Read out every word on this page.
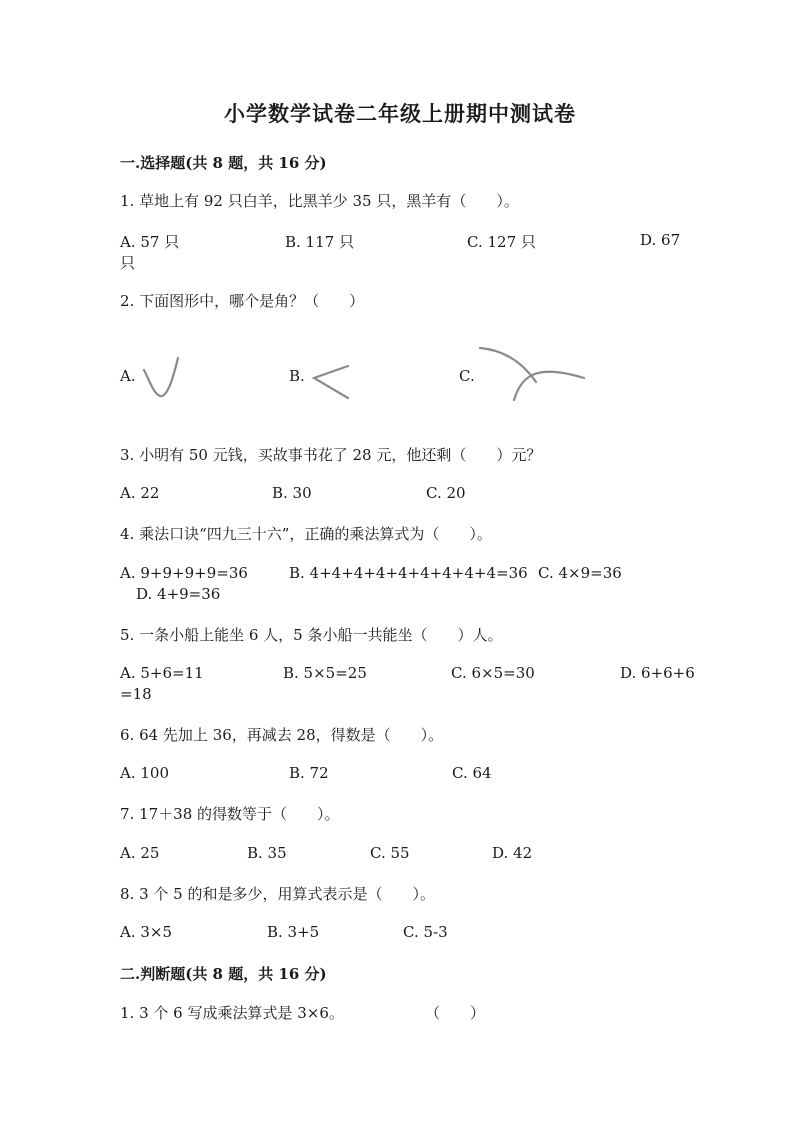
小学数学试卷二年级上册期中测试卷
一.选择题(共 8 题，共 16 分)
1. 草地上有 92 只白羊，比黑羊少 35 只，黑羊有（　　）。
A. 57 只	B. 117 只	C. 127 只	D. 67
只
2. 下面图形中，哪个是角？（　　）
A.	B.	C.
3. 小明有 50 元钱，买故事书花了 28 元，他还剩（　　）元？
A. 22	B. 30	C. 20
4. 乘法口诀“四九三十六”，正确的乘法算式为（　　）。
A. 9+9+9+9=36	B. 4+4+4+4+4+4+4+4+4=36 C. 4×9=36
D. 4+9=36
5. 一条小船上能坐 6 人，5 条小船一共能坐（　　）人。
A. 5+6=11	B. 5×5=25	C. 6×5=30	D. 6+6+6
=18
6. 64 先加上 36，再减去 28，得数是（　　）。
A. 100	B. 72	C. 64
7. 17＋38 的得数等于（　　）。
A. 25	B. 35	C. 55	D. 42
8. 3 个 5 的和是多少，用算式表示是（　　）。
A. 3×5	B. 3+5	C. 5-3
二.判断题(共 8 题，共 16 分)
1. 3 个 6 写成乘法算式是 3×6。	（　　）
